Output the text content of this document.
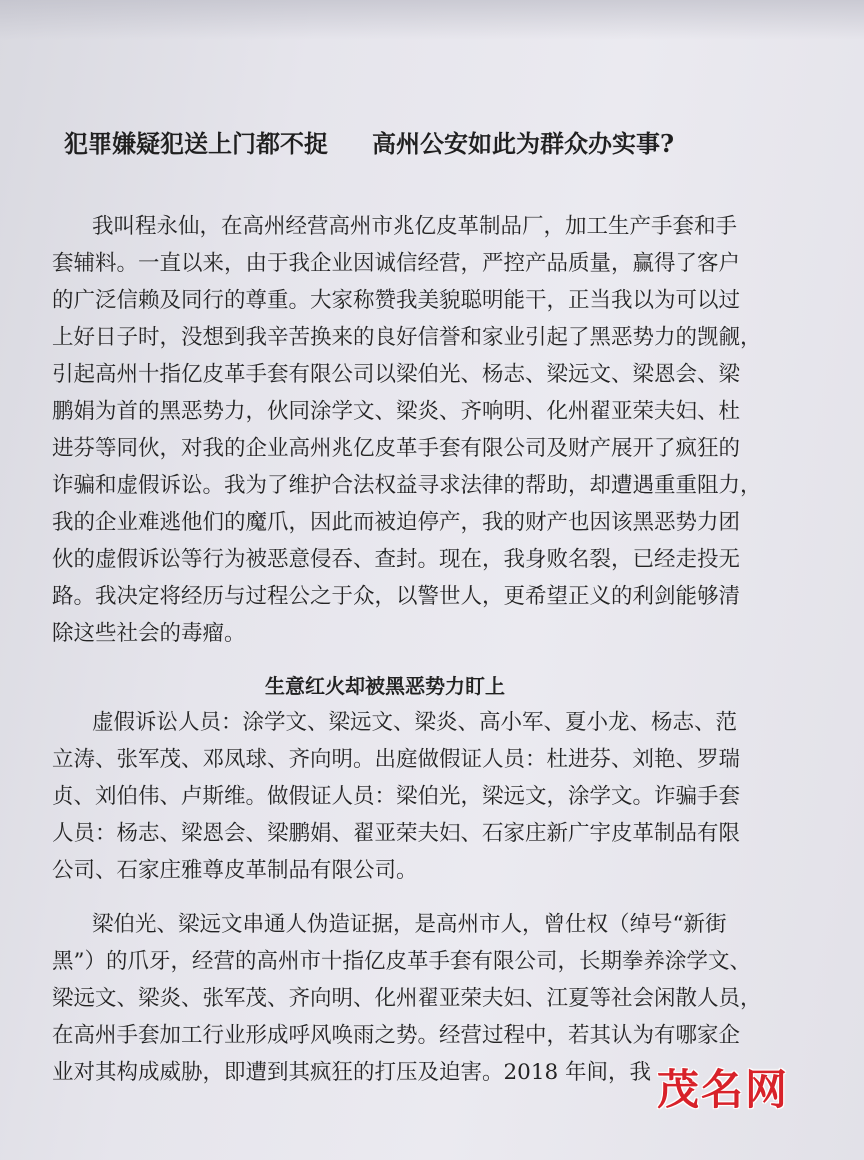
犯罪嫌疑犯送上门都不捉 高州公安如此为群众办实事?
我叫程永仙，在高州经营高州市兆亿皮革制品厂，加工生产手套和手
套辅料。一直以来，由于我企业因诚信经营，严控产品质量，赢得了客户
的广泛信赖及同行的尊重。大家称赞我美貌聪明能干，正当我以为可以过
上好日子时，没想到我辛苦换来的良好信誉和家业引起了黑恶势力的觊觎，
引起高州十指亿皮革手套有限公司以梁伯光、杨志、梁远文、梁恩会、梁
鹏娟为首的黑恶势力，伙同涂学文、梁炎、齐响明、化州翟亚荣夫妇、杜
进芬等同伙，对我的企业高州兆亿皮革手套有限公司及财产展开了疯狂的
诈骗和虚假诉讼。我为了维护合法权益寻求法律的帮助，却遭遇重重阻力，
我的企业难逃他们的魔爪，因此而被迫停产，我的财产也因该黑恶势力团
伙的虚假诉讼等行为被恶意侵吞、查封。现在，我身败名裂，已经走投无
路。我决定将经历与过程公之于众，以警世人，更希望正义的利剑能够清
除这些社会的毒瘤。
生意红火却被黑恶势力盯上
虚假诉讼人员：涂学文、梁远文、梁炎、高小军、夏小龙、杨志、范
立涛、张军茂、邓凤球、齐向明。出庭做假证人员：杜进芬、刘艳、罗瑞
贞、刘伯伟、卢斯维。做假证人员：梁伯光，梁远文，涂学文。诈骗手套
人员：杨志、梁恩会、梁鹏娟、翟亚荣夫妇、石家庄新广宇皮革制品有限
公司、石家庄雅尊皮革制品有限公司。
梁伯光、梁远文串通人伪造证据，是高州市人，曾仕权（绰号“新街
黑”）的爪牙，经营的高州市十指亿皮革手套有限公司，长期拳养涂学文、
梁远文、梁炎、张军茂、齐向明、化州翟亚荣夫妇、江夏等社会闲散人员，
在高州手套加工行业形成呼风唤雨之势。经营过程中，若其认为有哪家企
业对其构成威胁，即遭到其疯狂的打压及迫害。2018 年间，我 茂名网
